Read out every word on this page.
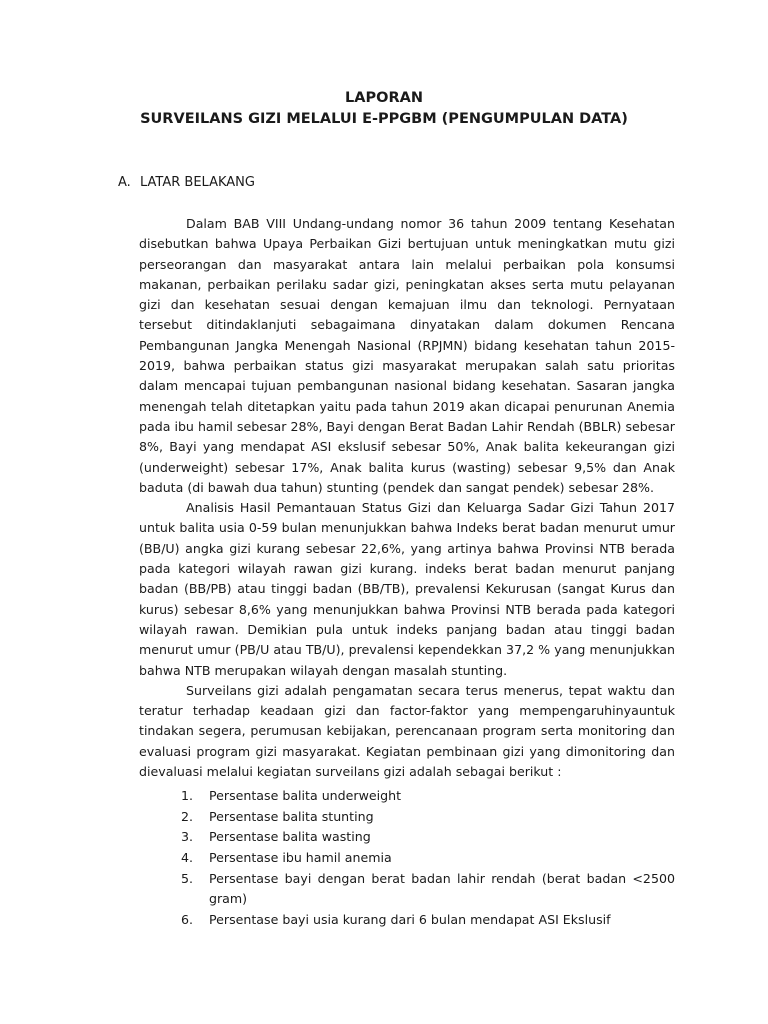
LAPORAN
SURVEILANS GIZI MELALUI E-PPGBM (PENGUMPULAN DATA)
A. LATAR BELAKANG

Dalam BAB VIII Undang-undang nomor 36 tahun 2009 tentang Kesehatan disebutkan bahwa Upaya Perbaikan Gizi bertujuan untuk meningkatkan mutu gizi perseorangan dan masyarakat antara lain melalui perbaikan pola konsumsi makanan, perbaikan perilaku sadar gizi, peningkatan akses serta mutu pelayanan gizi dan kesehatan sesuai dengan kemajuan ilmu dan teknologi. Pernyataan tersebut ditindaklanjuti sebagaimana dinyatakan dalam dokumen Rencana Pembangunan Jangka Menengah Nasional (RPJMN) bidang kesehatan tahun 2015-2019, bahwa perbaikan status gizi masyarakat merupakan salah satu prioritas dalam mencapai tujuan pembangunan nasional bidang kesehatan. Sasaran jangka menengah telah ditetapkan yaitu pada tahun 2019 akan dicapai penurunan Anemia pada ibu hamil sebesar 28%, Bayi dengan Berat Badan Lahir Rendah (BBLR) sebesar 8%, Bayi yang mendapat ASI ekslusif sebesar 50%, Anak balita kekeurangan gizi (underweight) sebesar 17%, Anak balita kurus (wasting) sebesar 9,5% dan Anak baduta (di bawah dua tahun) stunting (pendek dan sangat pendek) sebesar 28%.

Analisis Hasil Pemantauan Status Gizi dan Keluarga Sadar Gizi Tahun 2017 untuk balita usia 0-59 bulan menunjukkan bahwa Indeks berat badan menurut umur (BB/U) angka gizi kurang sebesar 22,6%, yang artinya bahwa Provinsi NTB berada pada kategori wilayah rawan gizi kurang. indeks berat badan menurut panjang badan (BB/PB) atau tinggi badan (BB/TB), prevalensi Kekurusan (sangat Kurus dan kurus) sebesar 8,6% yang menunjukkan bahwa Provinsi NTB berada pada kategori wilayah rawan. Demikian pula untuk indeks panjang badan atau tinggi badan menurut umur (PB/U atau TB/U), prevalensi kependekkan 37,2 % yang menunjukkan bahwa NTB merupakan wilayah dengan masalah stunting.

Surveilans gizi adalah pengamatan secara terus menerus, tepat waktu dan teratur terhadap keadaan gizi dan factor-faktor yang mempengaruhinyauntuk tindakan segera, perumusan kebijakan, perencanaan program serta monitoring dan evaluasi program gizi masyarakat. Kegiatan pembinaan gizi yang dimonitoring dan dievaluasi melalui kegiatan surveilans gizi adalah sebagai berikut :

1. Persentase balita underweight
2. Persentase balita stunting
3. Persentase balita wasting
4. Persentase ibu hamil anemia
5. Persentase bayi dengan berat badan lahir rendah (berat badan <2500 gram)
6. Persentase bayi usia kurang dari 6 bulan mendapat ASI Ekslusif
